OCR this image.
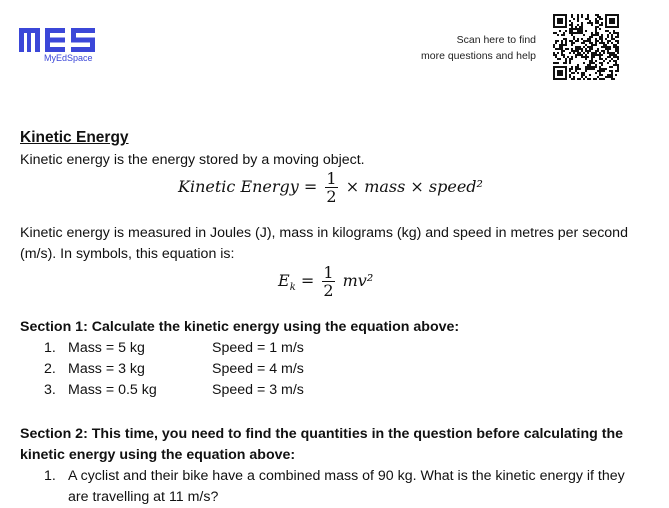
MyEdSpace
Scan here to find
more questions and help
Kinetic Energy
Kinetic energy is the energy stored by a moving object.
Kinetic Energy = $\frac{1}{2}$ × mass × speed²
Kinetic energy is measured in Joules (J), mass in kilograms (kg) and speed in metres per second (m/s). In symbols, this equation is:
$E_k = \frac{1}{2} mv^2$
Section 1: Calculate the kinetic energy using the equation above:
1. Mass = 5 kg	Speed = 1 m/s
2. Mass = 3 kg	Speed = 4 m/s
3. Mass = 0.5 kg	Speed = 3 m/s
Section 2: This time, you need to find the quantities in the question before calculating the kinetic energy using the equation above:
1. A cyclist and their bike have a combined mass of 90 kg. What is the kinetic energy if they are travelling at 11 m/s?
